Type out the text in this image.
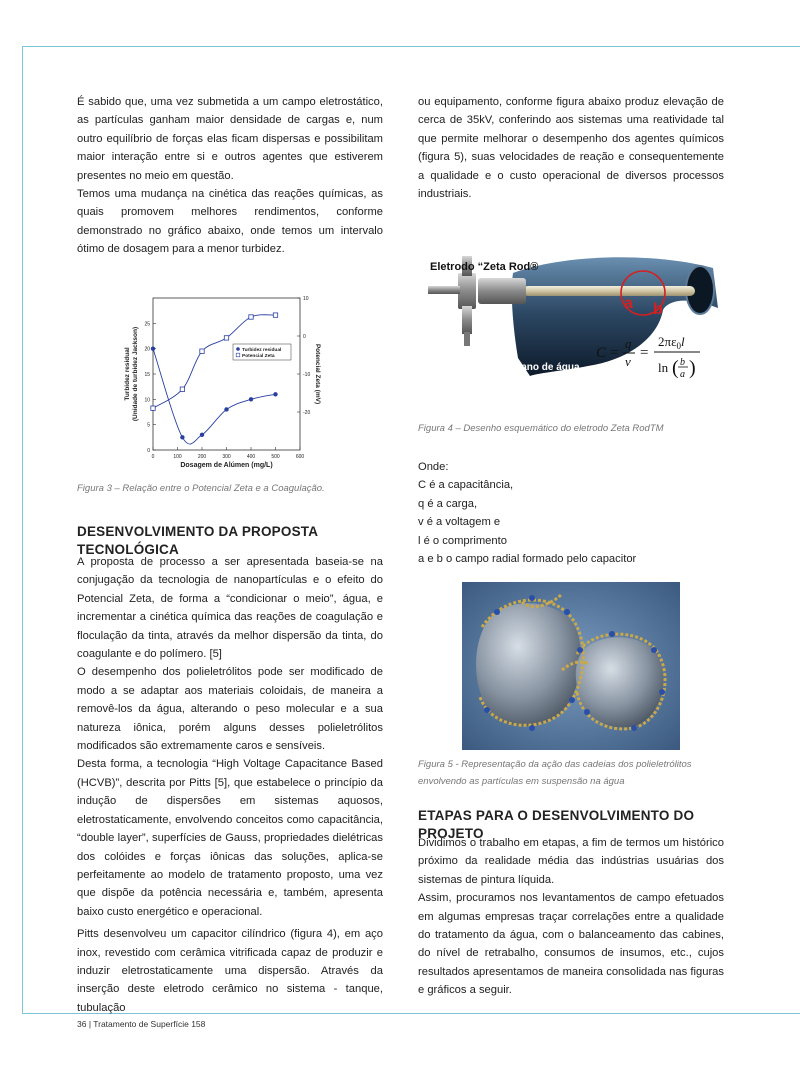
É sabido que, uma vez submetida a um campo eletrostático, as partículas ganham maior densidade de cargas e, num outro equilíbrio de forças elas ficam dispersas e possibilitam maior interação entre si e outros agentes que estiverem presentes no meio em questão.

Temos uma mudança na cinética das reações químicas, as quais promovem melhores rendimentos, conforme demonstrado no gráfico abaixo, onde temos um intervalo ótimo de dosagem para a menor turbidez.

0	100	200	300	400	500	600
0
5
10
15
20
25
10
0
-10
-20
Dosagem de Alúmen (mg/L)
Turbidez residual(Unidade de turbidez Jackson)	Potencial Zeta (mV)
Turbidez residual
Potencial Zeta
Figura 3 – Relação entre o Potencial Zeta e a Coagulação.
DESENVOLVIMENTO DA PROPOSTA TECNOLÓGICA

A proposta de processo a ser apresentada baseia-se na conjugação da tecnologia de nanopartículas e o efeito do Potencial Zeta, de forma a “condicionar o meio”, água, e incrementar a cinética química das reações de coagulação e floculação da tinta, através da melhor dispersão da tinta, do coagulante e do polímero. [5]

O desempenho dos polieletrólitos pode ser modificado de modo a se adaptar aos materiais coloidais, de maneira a removê-los da água, alterando o peso molecular e a sua natureza iônica, porém alguns desses polieletrólitos modificados são extremamente caros e sensíveis.

Desta forma, a tecnologia “High Voltage Capacitance Based (HCVB)”, descrita por Pitts [5], que estabelece o princípio da indução de dispersões em sistemas aquosos, eletrostaticamente, envolvendo conceitos como capacitância, “double layer”, superfícies de Gauss, propriedades dielétricas dos colóides e forças iônicas das soluções, aplica-se perfeitamente ao modelo de tratamento proposto, uma vez que dispõe da potência necessária e, também, apresenta baixo custo energético e operacional.

Pitts desenvolveu um capacitor cilíndrico (figura 4), em aço inox, revestido com cerâmica vitrificada capaz de produzir e induzir eletrostaticamente uma dispersão. Através da inserção deste eletrodo cerâmico no sistema - tanque, tubulação

ou equipamento, conforme figura abaixo produz elevação de cerca de 35kV, conferindo aos sistemas uma reatividade tal que permite melhorar o desempenho dos agentes químicos (figura 5), suas velocidades de reação e consequentemente a qualidade e o custo operacional de diversos processos industriais.

a b
Eletrodo “Zeta Rod®
Cano de água
C =
q
v
=
$2\pi\varepsilon_0l$
ln ( b
a )
Figura 4 – Desenho esquemático do eletrodo Zeta RodTM

Onde:

C é a capacitância,
q é a carga,
v é a voltagem e
l é o comprimento
a e b o campo radial formado pelo capacitor
Figura 5 - Representação da ação das cadeias dos polieletrólitos envolvendo as partículas em suspensão na água
ETAPAS PARA O DESENVOLVIMENTO DO PROJETO

Dividimos o trabalho em etapas, a fim de termos um histórico próximo da realidade média das indústrias usuárias dos sistemas de pintura líquida.

Assim, procuramos nos levantamentos de campo efetuados em algumas empresas traçar correlações entre a qualidade do tratamento da água, com o balanceamento das cabines, do nível de retrabalho, consumos de insumos, etc., cujos resultados apresentamos de maneira consolidada nas figuras e gráficos a seguir.

36 | Tratamento de Superfície 158
